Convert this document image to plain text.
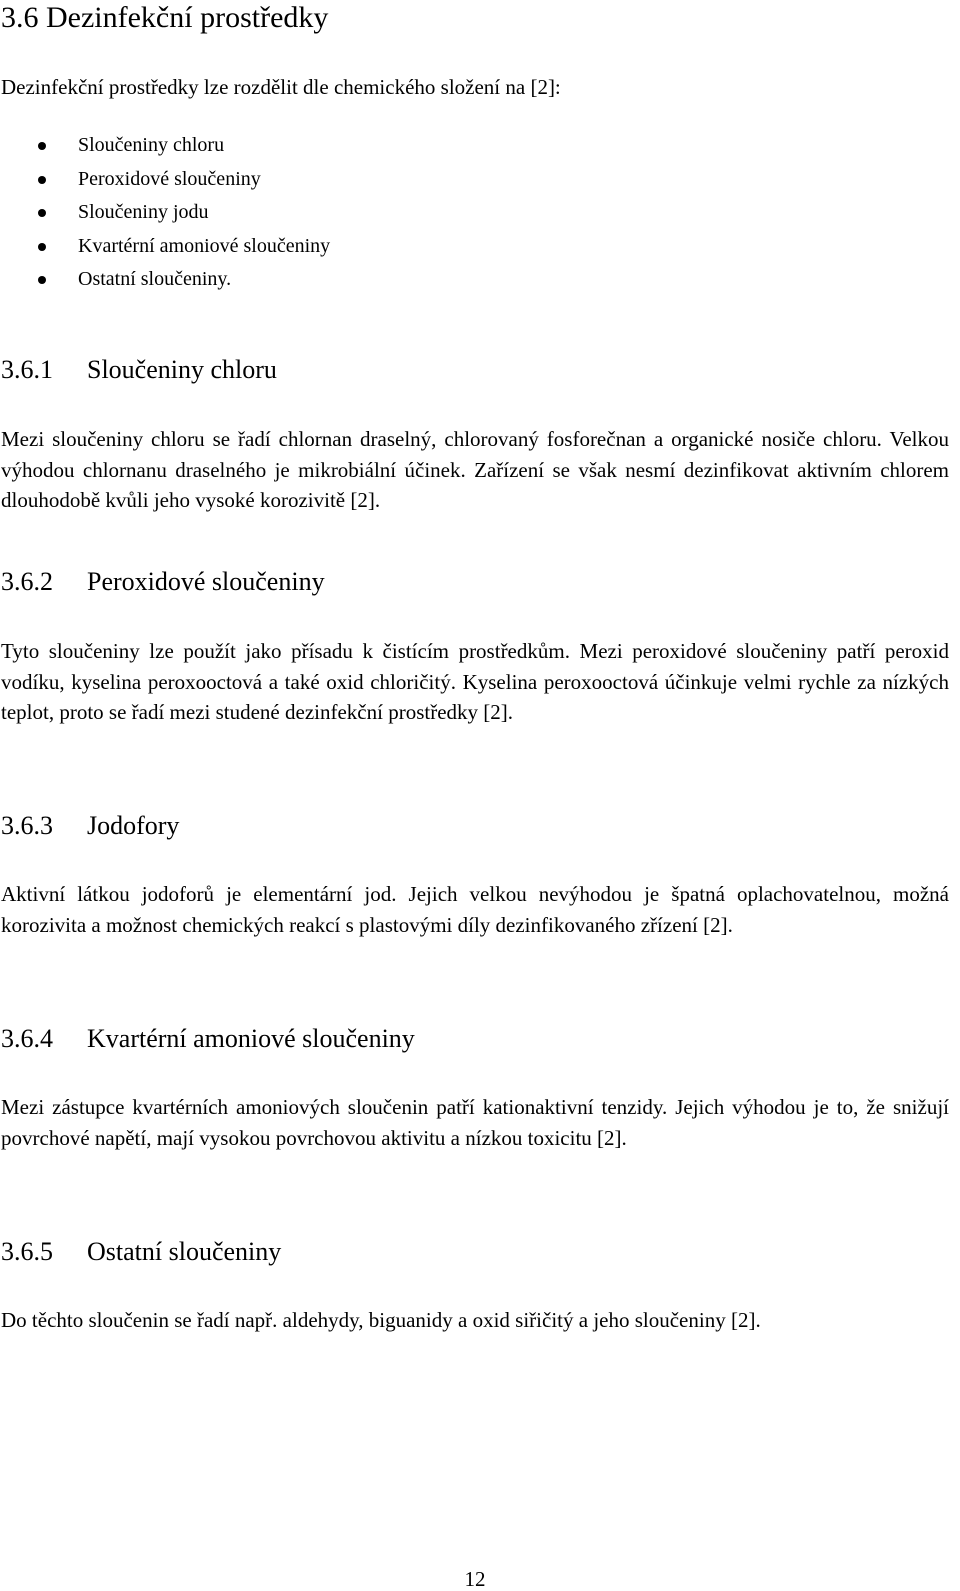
3.6 Dezinfekční prostředky

Dezinfekční prostředky lze rozdělit dle chemického složení na [2]:

Sloučeniny chloru
Peroxidové sloučeniny
Sloučeniny jodu
Kvartérní amoniové sloučeniny
Ostatní sloučeniny.
3.6.1 Sloučeniny chloru

Mezi sloučeniny chloru se řadí chlornan draselný, chlorovaný fosforečnan a organické nosiče chloru. Velkou výhodou chlornanu draselného je mikrobiální účinek. Zařízení se však nesmí dezinfikovat aktivním chlorem dlouhodobě kvůli jeho vysoké korozivitě [2].

3.6.2 Peroxidové sloučeniny

Tyto sloučeniny lze použít jako přísadu k čistícím prostředkům. Mezi peroxidové sloučeniny patří peroxid vodíku, kyselina peroxooctová a také oxid chloričitý. Kyselina peroxooctová účinkuje velmi rychle za nízkých teplot, proto se řadí mezi studené dezinfekční prostředky [2].

3.6.3 Jodofory

Aktivní látkou jodoforů je elementární jod. Jejich velkou nevýhodou je špatná oplachovatelnou, možná korozivita a možnost chemických reakcí s plastovými díly dezinfikovaného zřízení [2].

3.6.4 Kvartérní amoniové sloučeniny

Mezi zástupce kvartérních amoniových sloučenin patří kationaktivní tenzidy. Jejich výhodou je to, že snižují povrchové napětí, mají vysokou povrchovou aktivitu a nízkou toxicitu [2].

3.6.5 Ostatní sloučeniny

Do těchto sloučenin se řadí např. aldehydy, biguanidy a oxid siřičitý a jeho sloučeniny [2].

12
